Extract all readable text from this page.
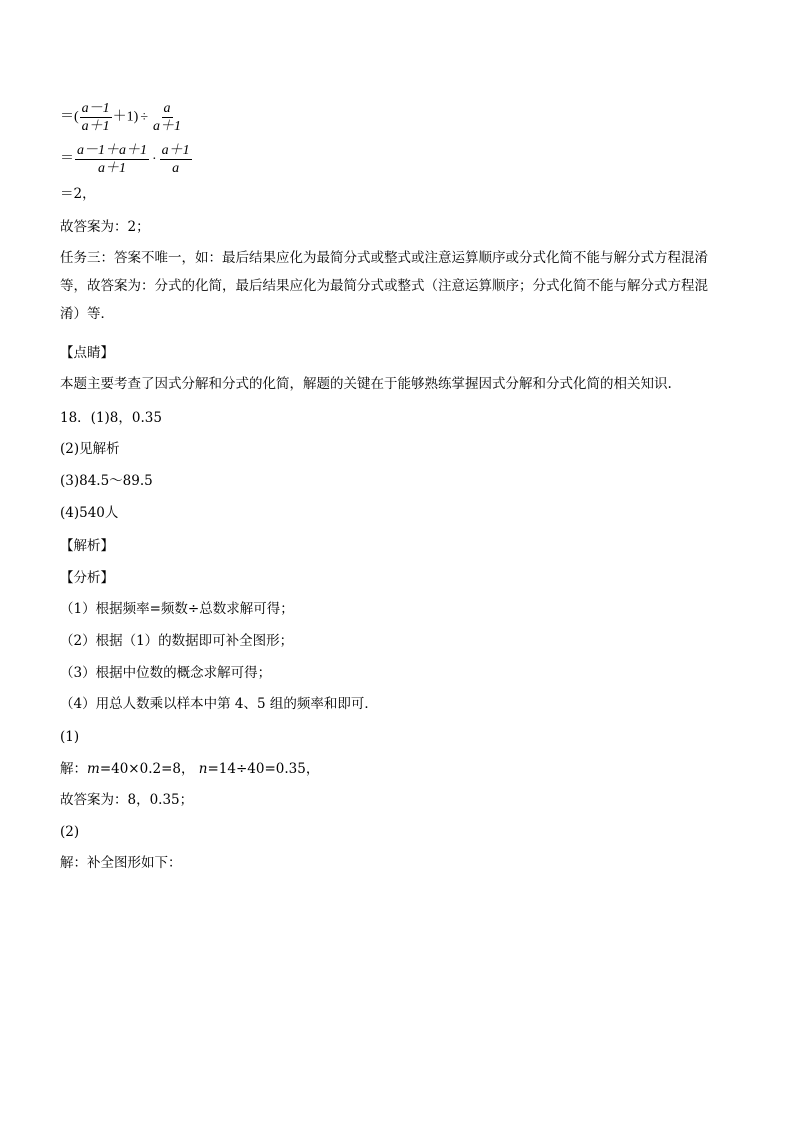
＝( $\frac{a-1}{a+1} +1) \div \frac{a}{a+1}$
＝ $\frac{a-1+a+1}{a+1} \cdot \frac{a+1}{a}$
＝2，
故答案为：2；
任务三：答案不唯一，如：最后结果应化为最简分式或整式或注意运算顺序或分式化简不能与解分式方程混淆等，故答案为：分式的化简，最后结果应化为最简分式或整式（注意运算顺序；分式化简不能与解分式方程混淆）等．
【点睛】
本题主要考查了因式分解和分式的化简，解题的关键在于能够熟练掌握因式分解和分式化简的相关知识.
18．(1)8，0.35
(2)见解析
(3)84.5～89.5
(4)540人
【解析】
【分析】
（1）根据频率=频数÷总数求解可得；
（2）根据（1）的数据即可补全图形；
（3）根据中位数的概念求解可得；
（4）用总人数乘以样本中第 4、5 组的频率和即可．
(1)
解：m=40×0.2=8， n=14÷40=0.35，
故答案为：8，0.35；
(2)
解：补全图形如下：
